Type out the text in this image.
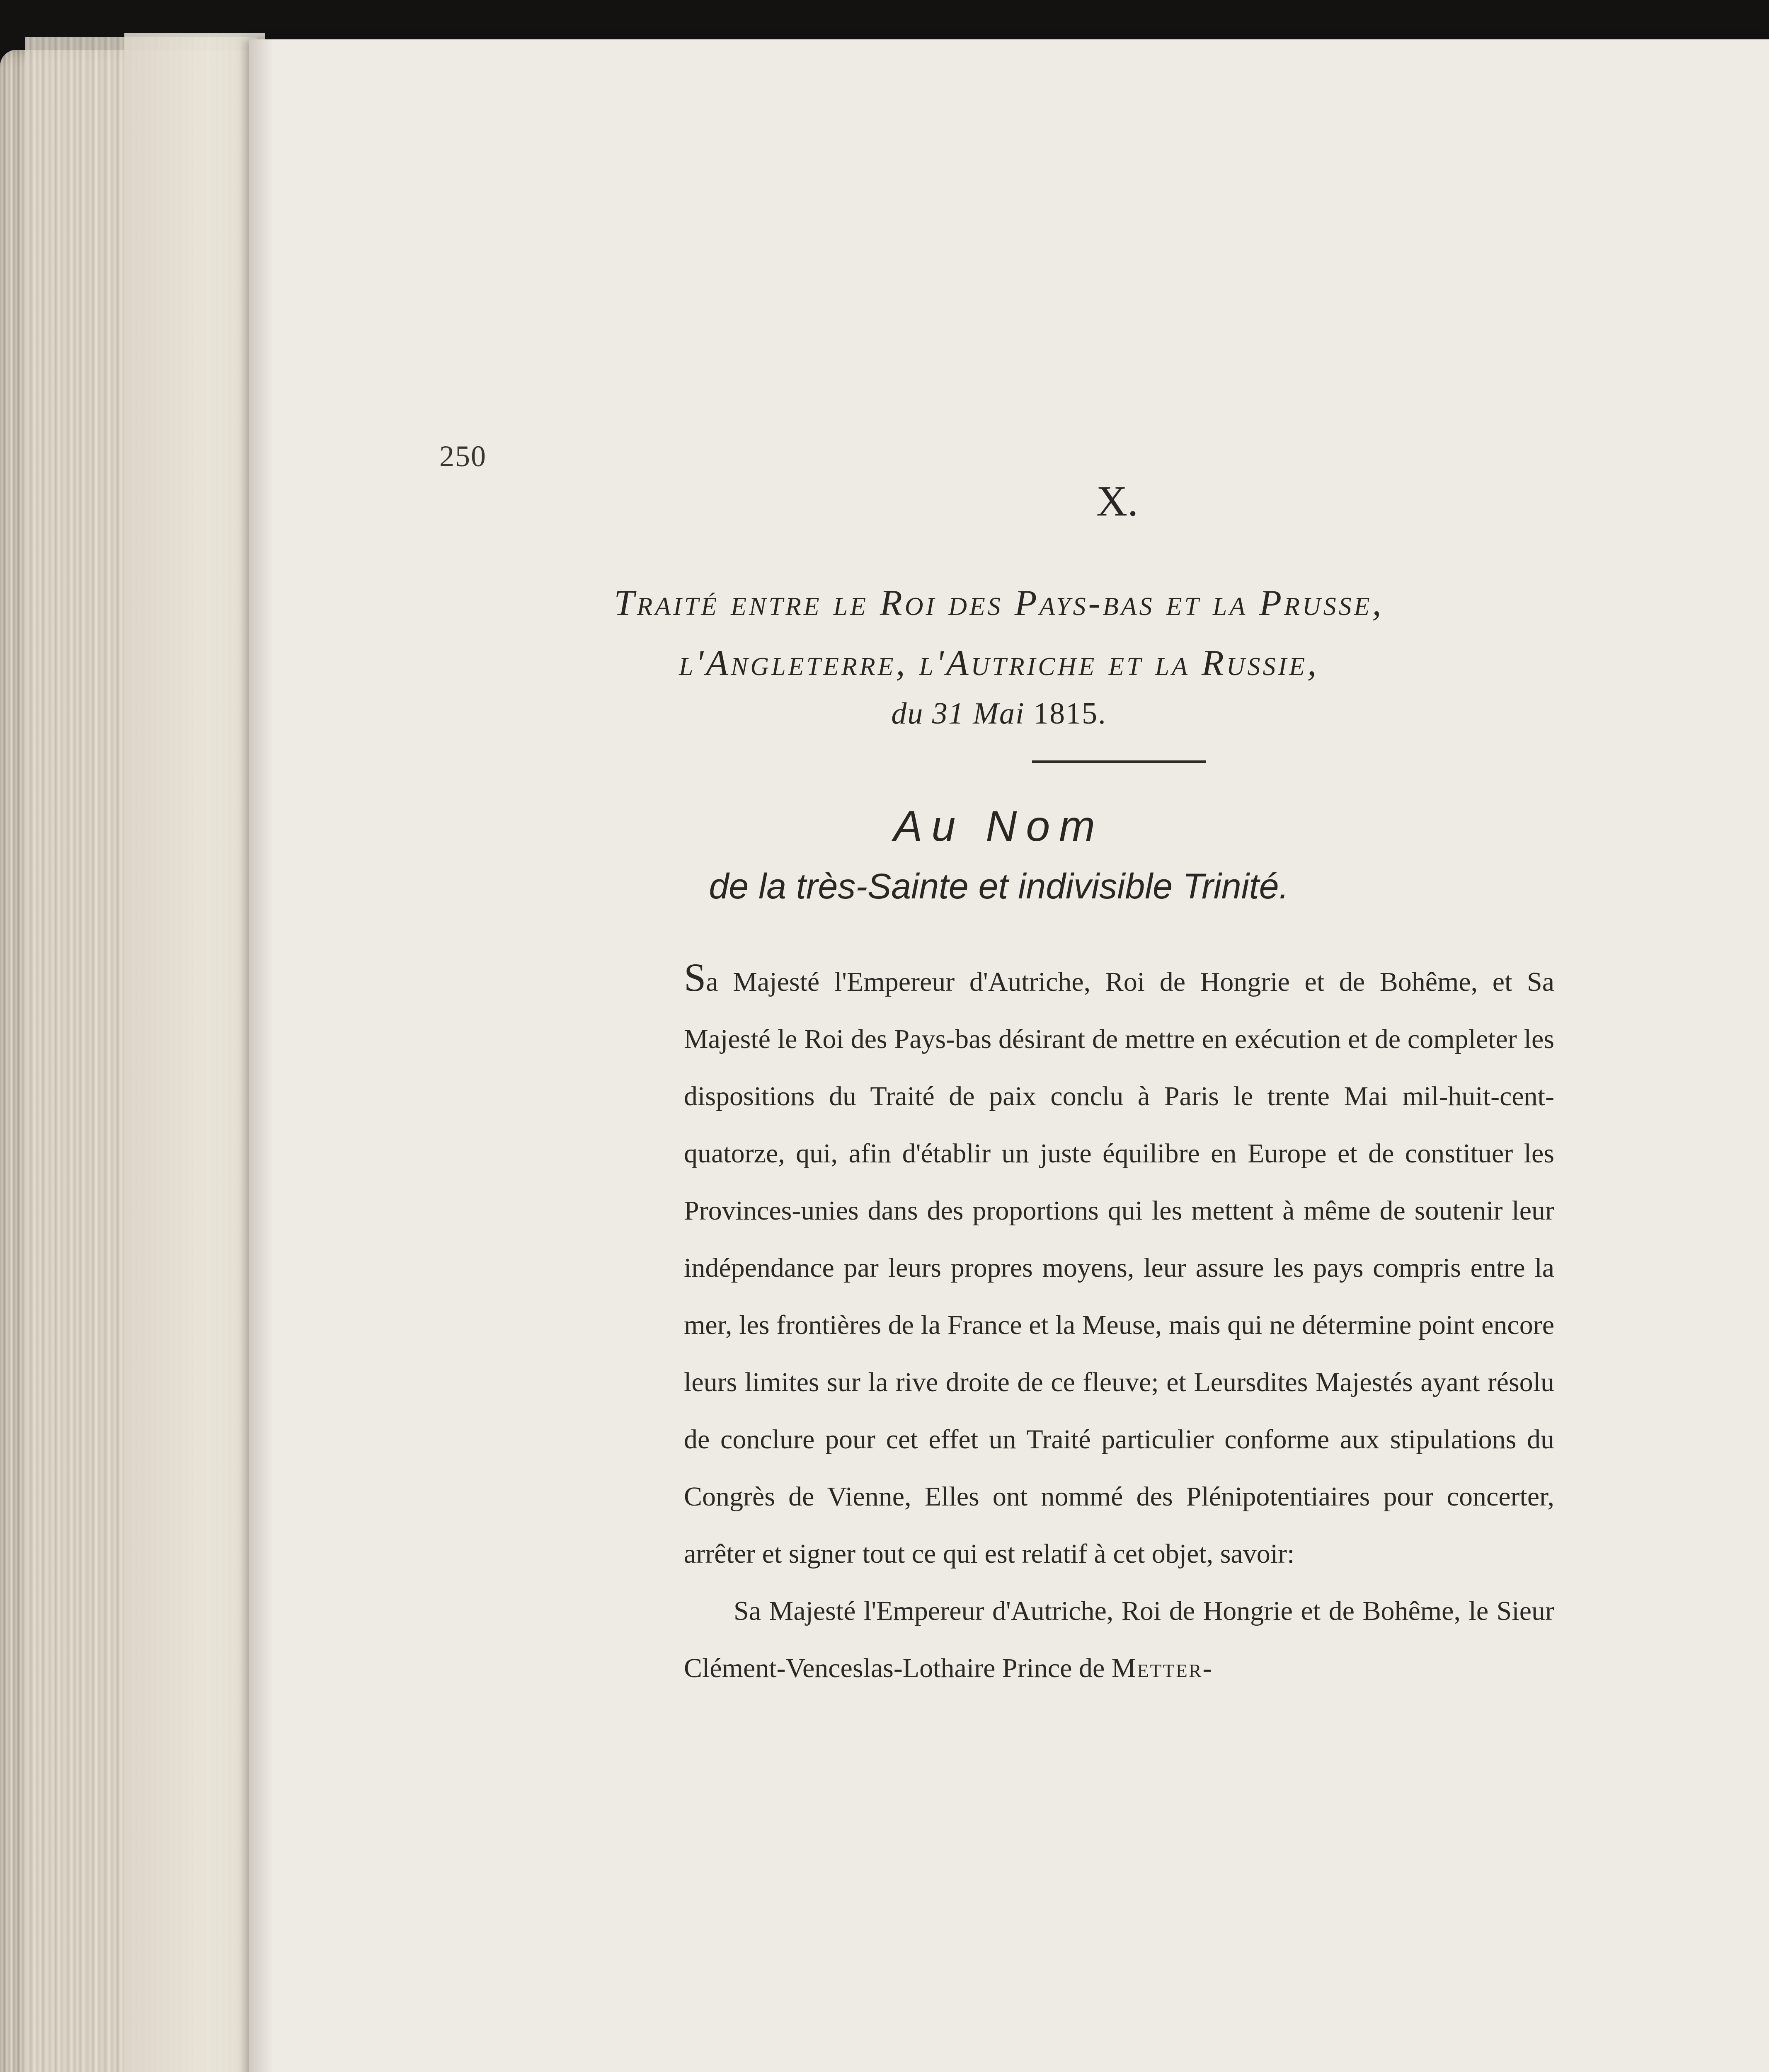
250
X.
Traité entre le Roi des Pays-bas et la Prusse,
l'Angleterre, l'Autriche et la Russie,
du 31 Mai 1815.
Au Nom
de la très-Sainte et indivisible Trinité.

Sa Majesté l'Empereur d'Autriche, Roi de Hongrie et de Bohême, et Sa Majesté le Roi des Pays-bas désirant de mettre en exécution et de completer les dispositions du Traité de paix conclu à Paris le trente Mai mil-huit-cent-quatorze, qui, afin d'établir un juste équilibre en Europe et de constituer les Provinces-unies dans des proportions qui les mettent à même de soutenir leur indépendance par leurs propres moyens, leur assure les pays compris entre la mer, les frontières de la France et la Meuse, mais qui ne détermine point encore leurs limites sur la rive droite de ce fleuve; et Leursdites Majestés ayant résolu de conclure pour cet effet un Traité particulier conforme aux stipulations du Congrès de Vienne, Elles ont nommé des Plénipotentiaires pour concerter, arrêter et signer tout ce qui est relatif à cet objet, savoir:

Sa Majesté l'Empereur d'Autriche, Roi de Hongrie et de Bohême, le Sieur Clément-Venceslas-Lothaire Prince de Metter-
